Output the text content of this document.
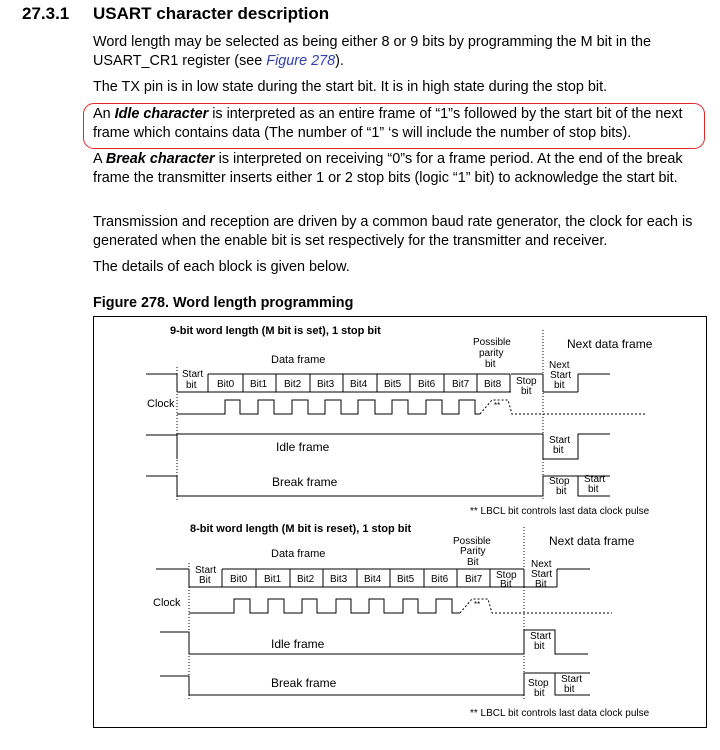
27.3.1 USART character description

Word length may be selected as being either 8 or 9 bits by programming the M bit in the USART_CR1 register (see Figure 278).

The TX pin is in low state during the start bit. It is in high state during the stop bit.

An Idle character is interpreted as an entire frame of “1”s followed by the start bit of the next frame which contains data (The number of “1” ‘s will include the number of stop bits).

A Break character is interpreted on receiving “0”s for a frame period. At the end of the break frame the transmitter inserts either 1 or 2 stop bits (logic “1” bit) to acknowledge the start bit.

Transmission and reception are driven by a common baud rate generator, the clock for each is generated when the enable bit is set respectively for the transmitter and receiver.

The details of each block is given below.

Figure 278. Word length programming
9-bit word length (M bit is set), 1 stop bit
Data frame
Next data frame
Possible
parity
bit
Start
bit Bit0 Bit1 Bit2 Bit3 Bit4 Bit5 Bit6 Bit7 Bit8 Stop
bit
Next
Start
bit
**
Clock
Idle frame	Start
bit
Break frame	Stop
bit
Start
bit
** LBCL bit controls last data clock pulse
8-bit word length (M bit is reset), 1 stop bit
Data frame
Next data frame
Possible
Parity
Bit
Start
Bit Bit0 Bit1 Bit2 Bit3 Bit4 Bit5 Bit6 Bit7 Stop
Bit
Next
Start
Bit
**
Clock
Idle frame
Start
bit
Break frame	Stop
bit
Start
bit
** LBCL bit controls last data clock pulse
